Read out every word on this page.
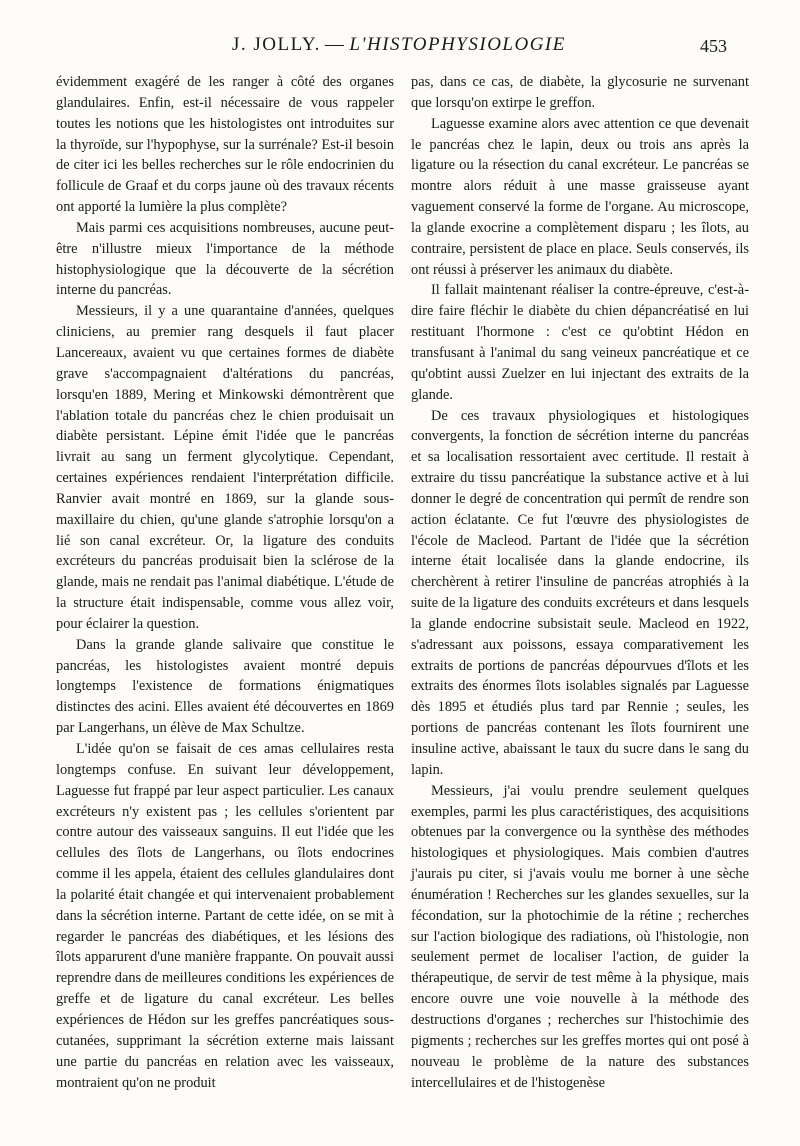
J. JOLLY. — L'HISTOPHYSIOLOGIE	453

évidemment exagéré de les ranger à côté des organes glandulaires. Enfin, est-il nécessaire de vous rappeler toutes les notions que les histologistes ont introduites sur la thyroïde, sur l'hypophyse, sur la surrénale? Est-il besoin de citer ici les belles recherches sur le rôle endocrinien du follicule de Graaf et du corps jaune où des travaux récents ont apporté la lumière la plus complète?

Mais parmi ces acquisitions nombreuses, aucune peut-être n'illustre mieux l'importance de la méthode histophysiologique que la découverte de la sécrétion interne du pancréas.

Messieurs, il y a une quarantaine d'années, quelques cliniciens, au premier rang desquels il faut placer Lancereaux, avaient vu que certaines formes de diabète grave s'accompagnaient d'altérations du pancréas, lorsqu'en 1889, Mering et Minkowski démontrèrent que l'ablation totale du pancréas chez le chien produisait un diabète persistant. Lépine émit l'idée que le pancréas livrait au sang un ferment glycolytique. Cependant, certaines expériences rendaient l'interprétation difficile. Ranvier avait montré en 1869, sur la glande sous-maxillaire du chien, qu'une glande s'atrophie lorsqu'on a lié son canal excréteur. Or, la ligature des conduits excréteurs du pancréas produisait bien la sclérose de la glande, mais ne rendait pas l'animal diabétique. L'étude de la structure était indispensable, comme vous allez voir, pour éclairer la question.

Dans la grande glande salivaire que constitue le pancréas, les histologistes avaient montré depuis longtemps l'existence de formations énigmatiques distinctes des acini. Elles avaient été découvertes en 1869 par Langerhans, un élève de Max Schultze.

L'idée qu'on se faisait de ces amas cellulaires resta longtemps confuse. En suivant leur développement, Laguesse fut frappé par leur aspect particulier. Les canaux excréteurs n'y existent pas ; les cellules s'orientent par contre autour des vaisseaux sanguins. Il eut l'idée que les cellules des îlots de Langerhans, ou îlots endocrines comme il les appela, étaient des cellules glandulaires dont la polarité était changée et qui intervenaient probablement dans la sécrétion interne. Partant de cette idée, on se mit à regarder le pancréas des diabétiques, et les lésions des îlots apparurent d'une manière frappante. On pouvait aussi reprendre dans de meilleures conditions les expériences de greffe et de ligature du canal excréteur. Les belles expériences de Hédon sur les greffes pancréatiques sous-cutanées, supprimant la sécrétion externe mais laissant une partie du pancréas en relation avec les vaisseaux, montraient qu'on ne produit

pas, dans ce cas, de diabète, la glycosurie ne survenant que lorsqu'on extirpe le greffon.

Laguesse examine alors avec attention ce que devenait le pancréas chez le lapin, deux ou trois ans après la ligature ou la résection du canal excréteur. Le pancréas se montre alors réduit à une masse graisseuse ayant vaguement conservé la forme de l'organe. Au microscope, la glande exocrine a complètement disparu ; les îlots, au contraire, persistent de place en place. Seuls conservés, ils ont réussi à préserver les animaux du diabète.

Il fallait maintenant réaliser la contre-épreuve, c'est-à-dire faire fléchir le diabète du chien dépancréatisé en lui restituant l'hormone : c'est ce qu'obtint Hédon en transfusant à l'animal du sang veineux pancréatique et ce qu'obtint aussi Zuelzer en lui injectant des extraits de la glande.

De ces travaux physiologiques et histologiques convergents, la fonction de sécrétion interne du pancréas et sa localisation ressortaient avec certitude. Il restait à extraire du tissu pancréatique la substance active et à lui donner le degré de concentration qui permît de rendre son action éclatante. Ce fut l'œuvre des physiologistes de l'école de Macleod. Partant de l'idée que la sécrétion interne était localisée dans la glande endocrine, ils cherchèrent à retirer l'insuline de pancréas atrophiés à la suite de la ligature des conduits excréteurs et dans lesquels la glande endocrine subsistait seule. Macleod en 1922, s'adressant aux poissons, essaya comparativement les extraits de portions de pancréas dépourvues d'îlots et les extraits des énormes îlots isolables signalés par Laguesse dès 1895 et étudiés plus tard par Rennie ; seules, les portions de pancréas contenant les îlots fournirent une insuline active, abaissant le taux du sucre dans le sang du lapin.

Messieurs, j'ai voulu prendre seulement quelques exemples, parmi les plus caractéristiques, des acquisitions obtenues par la convergence ou la synthèse des méthodes histologiques et physiologiques. Mais combien d'autres j'aurais pu citer, si j'avais voulu me borner à une sèche énumération ! Recherches sur les glandes sexuelles, sur la fécondation, sur la photochimie de la rétine ; recherches sur l'action biologique des radiations, où l'histologie, non seulement permet de localiser l'action, de guider la thérapeutique, de servir de test même à la physique, mais encore ouvre une voie nouvelle à la méthode des destructions d'organes ; recherches sur l'histochimie des pigments ; recherches sur les greffes mortes qui ont posé à nouveau le problème de la nature des substances intercellulaires et de l'histogenèse
